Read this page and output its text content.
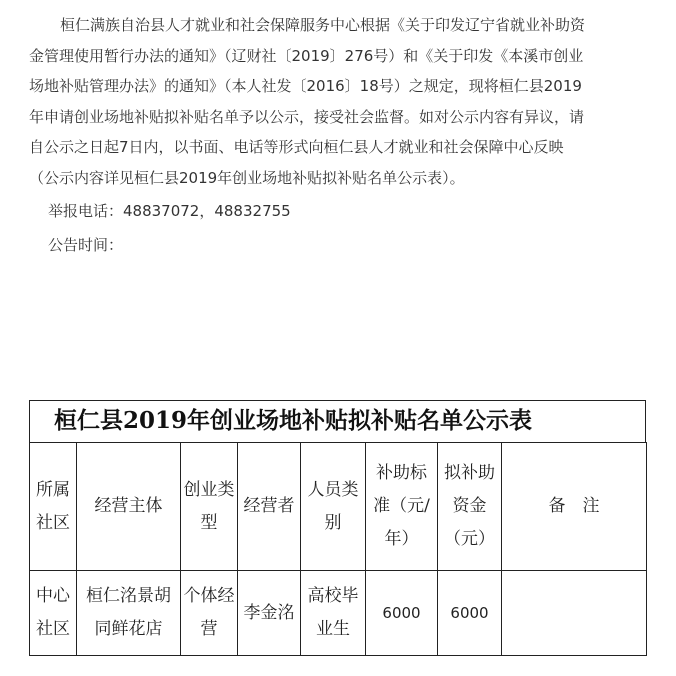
桓仁满族自治县人才就业和社会保障服务中心根据《关于印发辽宁省就业补助资金管理使用暂行办法的通知》（辽财社〔2019〕276号）和《关于印发《本溪市创业场地补贴管理办法》的通知》（本人社发〔2016〕18号）之规定，现将桓仁县2019年申请创业场地补贴拟补贴名单予以公示，接受社会监督。如对公示内容有异议，请自公示之日起7日内，以书面、电话等形式向桓仁县人才就业和社会保障中心反映（公示内容详见桓仁县2019年创业场地补贴拟补贴名单公示表）。

举报电话：48837072，48832755

公告时间：

桓仁县2019年创业场地补贴拟补贴名单公示表
所属社区	经营主体	创业类型	经营者	人员类别	补助标准（元/年）	拟补助资金（元）	备　注
中心社区	桓仁洺景胡同鲜花店	个体经营	李金洺	高校毕业生	6000	6000	
